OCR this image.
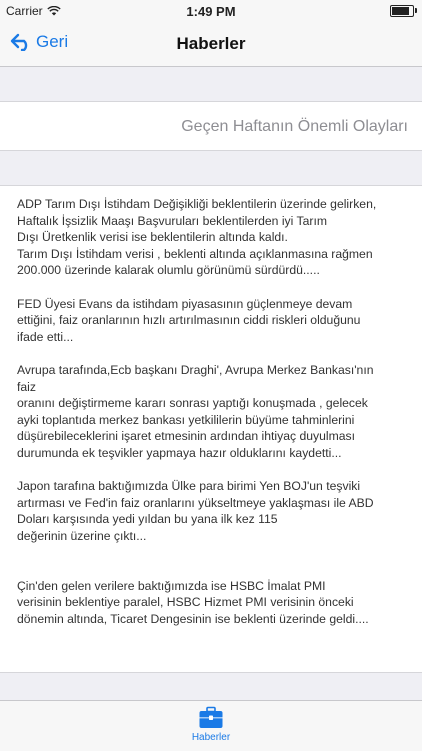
Carrier	1:49 PM
Geri	Haberler
Geçen Haftanın Önemli Olayları

ADP Tarım Dışı İstihdam Değişikliği beklentilerin üzerinde gelirken,
Haftalık İşsizlik Maaşı Başvuruları beklentilerden iyi Tarım
Dışı Üretkenlik verisi ise beklentilerin altında kaldı.
Tarım Dışı İstihdam verisi , beklenti altında açıklanmasına rağmen
200.000 üzerinde kalarak olumlu görünümü sürdürdü.....

FED Üyesi Evans da istihdam piyasasının güçlenmeye devam
ettiğini, faiz oranlarının hızlı artırılmasının ciddi riskleri olduğunu
ifade etti...

Avrupa tarafında,Ecb başkanı Draghi', Avrupa Merkez Bankası'nın
faiz
oranını değiştirmeme kararı sonrası yaptığı konuşmada , gelecek
ayki toplantıda merkez bankası yetkililerin büyüme tahminlerini
düşürebileceklerini işaret etmesinin ardından ihtiyaç duyulması
durumunda ek teşvikler yapmaya hazır olduklarını kaydetti...

Japon tarafına baktığımızda Ülke para birimi Yen BOJ'un teşviki
artırması ve Fed'in faiz oranlarını yükseltmeye yaklaşması ile ABD
Doları karşısında yedi yıldan bu yana ilk kez 115
değerinin üzerine çıktı...

Çin'den gelen verilere baktığımızda ise HSBC İmalat PMI
verisinin beklentiye paralel, HSBC Hizmet PMI verisinin önceki
dönemin altında, Ticaret Dengesinin ise beklenti üzerinde geldi....

Haberler
